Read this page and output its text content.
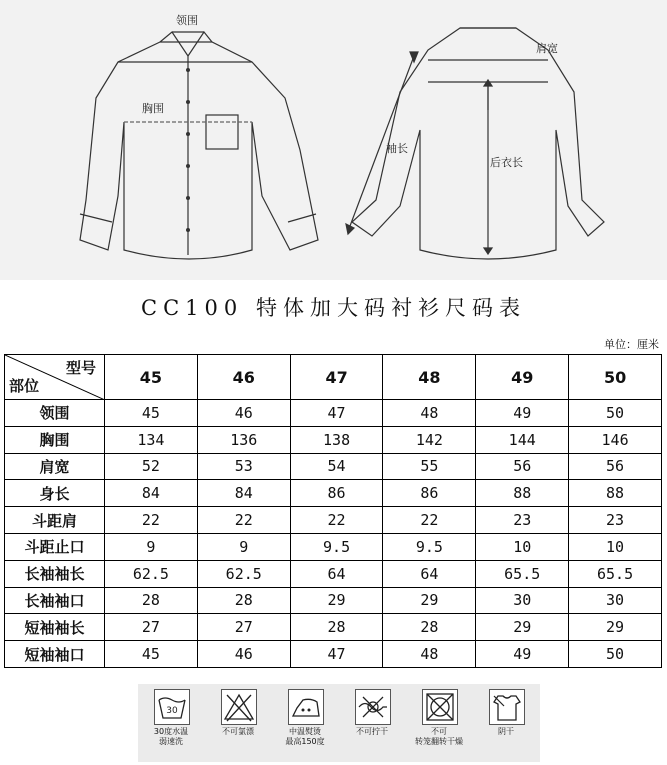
领围
胸围
肩宽
袖长
后衣长
CC100 特体加大码衬衫尺码表
单位：厘米
型号
部位	45	46	47	48	49	50
领围	45	46	47	48	49	50
胸围	134	136	138	142	144	146
肩宽	52	53	54	55	56	56
身长	84	84	86	86	88	88
斗距肩	22	22	22	22	23	23
斗距止口	9	9	9.5	9.5	10	10
长袖袖长	62.5	62.5	64	64	65.5	65.5
长袖袖口	28	28	29	29	30	30
短袖袖长	27	27	28	28	29	29
短袖袖口	45	46	47	48	49	50
30
30度水温
弱速洗
不可氯漂	中温熨烫
最高150度
不可拧干	不可
转笼翻转干燥
阴干
